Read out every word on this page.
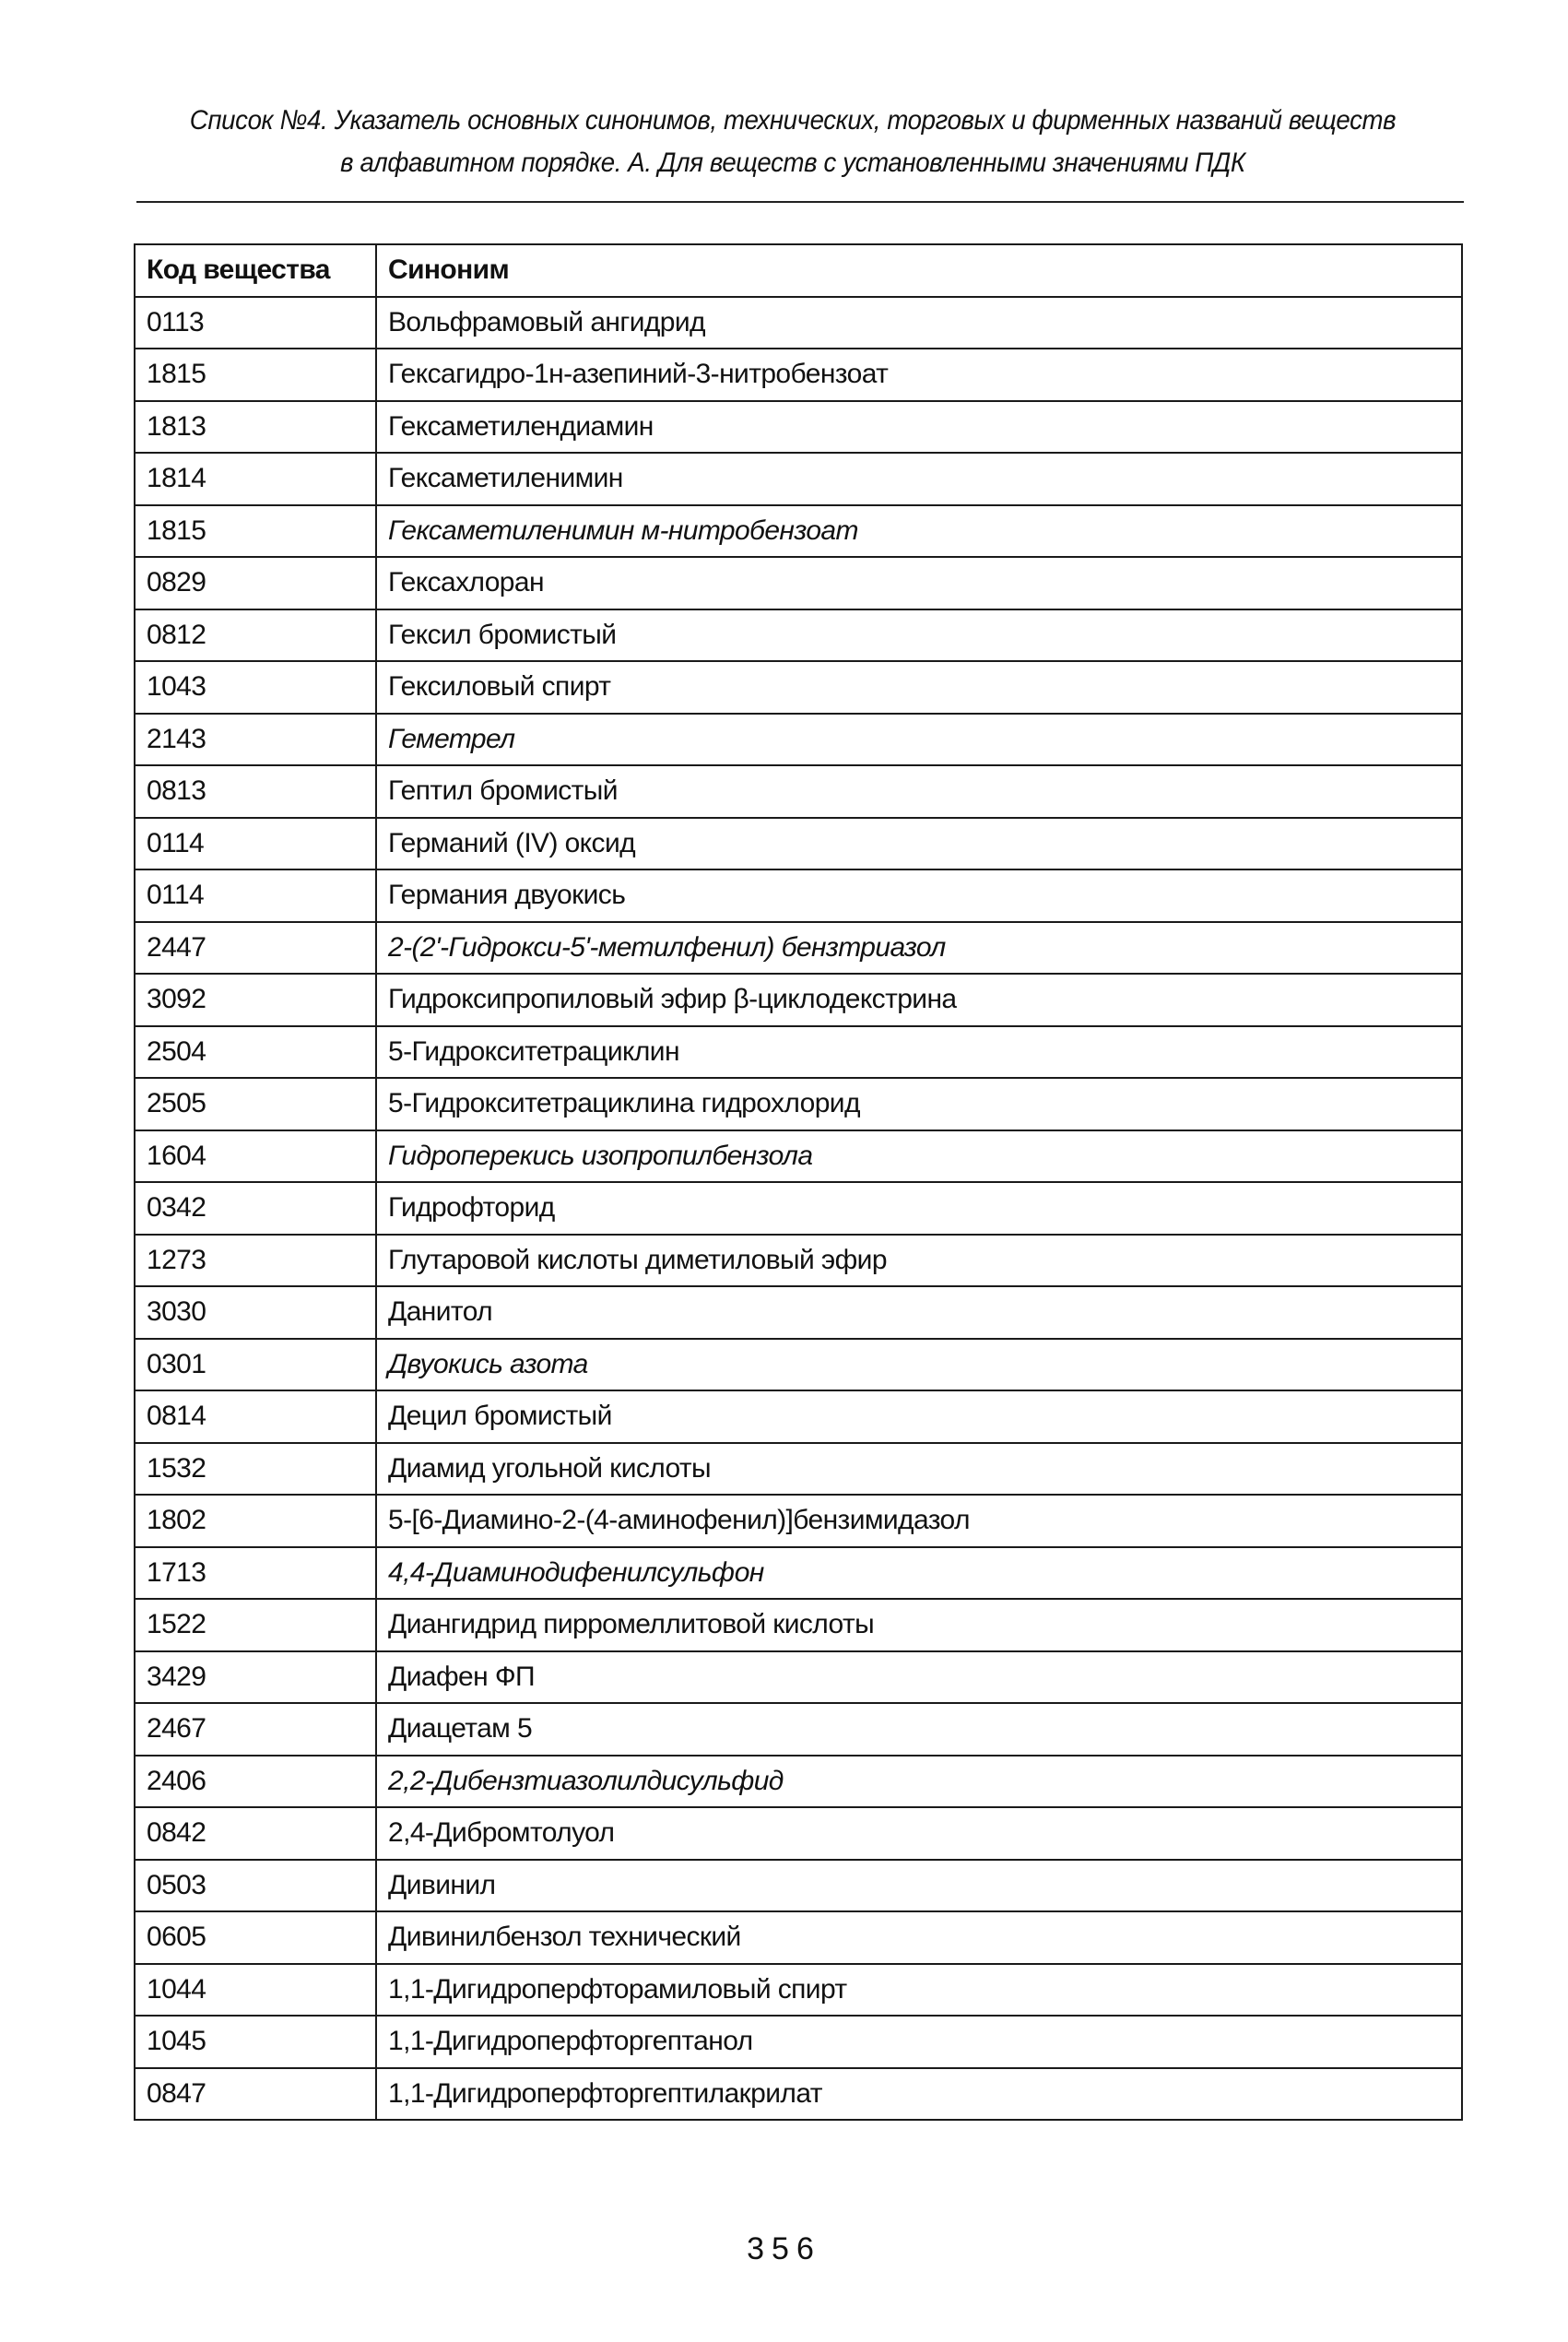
Список №4. Указатель основных синонимов, технических, торговых и фирменных названий веществ
в алфавитном порядке. А. Для веществ с установленными значениями ПДК
Код вещества	Синоним
0113	Вольфрамовый ангидрид
1815	Гексагидро-1н-азепиний-3-нитробензоат
1813	Гексаметилендиамин
1814	Гексаметиленимин
1815	Гексаметиленимин м-нитробензоат
0829	Гексахлоран
0812	Гексил бромистый
1043	Гексиловый спирт
2143	Геметрел
0813	Гептил бромистый
0114	Германий (IV) оксид
0114	Германия двуокись
2447	2-(2'-Гидрокси-5'-метилфенил) бензтриазол
3092	Гидроксипропиловый эфир β-циклодекстрина
2504	5-Гидрокситетрациклин
2505	5-Гидрокситетрациклина гидрохлорид
1604	Гидроперекись изопропилбензола
0342	Гидрофторид
1273	Глутаровой кислоты диметиловый эфир
3030	Данитол
0301	Двуокись азота
0814	Децил бромистый
1532	Диамид угольной кислоты
1802	5-[6-Диамино-2-(4-аминофенил)]бензимидазол
1713	4,4-Диаминодифенилсульфон
1522	Диангидрид пирромеллитовой кислоты
3429	Диафен ФП
2467	Диацетам 5
2406	2,2-Дибензтиазолилдисульфид
0842	2,4-Дибромтолуол
0503	Дивинил
0605	Дивинилбензол технический
1044	1,1-Дигидроперфторамиловый спирт
1045	1,1-Дигидроперфторгептанол
0847	1,1-Дигидроперфторгептилакрилат
356
